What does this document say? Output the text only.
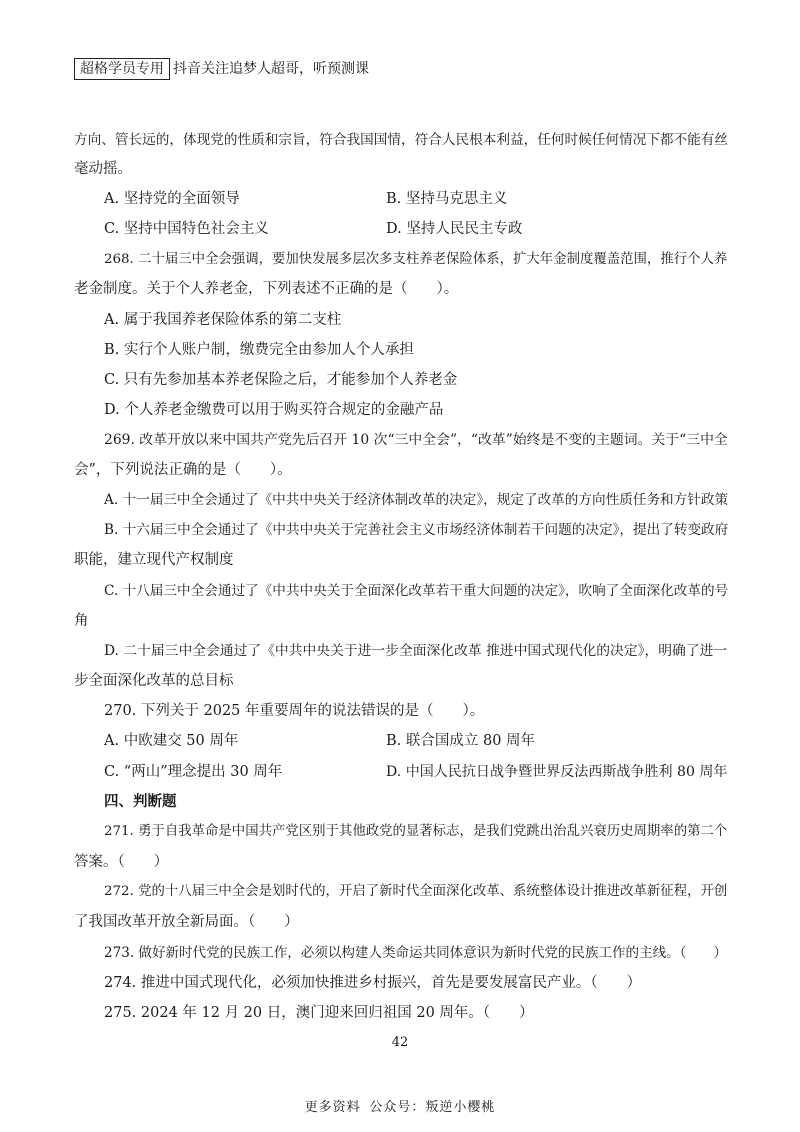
超格学员专用 抖音关注追梦人超哥，听预测课
方向、管长远的，体现党的性质和宗旨，符合我国国情，符合人民根本利益，任何时候任何情况下都不能有丝
毫动摇。
A. 坚持党的全面领导	B. 坚持马克思主义
C. 坚持中国特色社会主义	D. 坚持人民民主专政
268. 二十届三中全会强调，要加快发展多层次多支柱养老保险体系，扩大年金制度覆盖范围，推行个人养
老金制度。关于个人养老金，下列表述不正确的是（　　）。
A. 属于我国养老保险体系的第二支柱
B. 实行个人账户制，缴费完全由参加人个人承担
C. 只有先参加基本养老保险之后，才能参加个人养老金
D. 个人养老金缴费可以用于购买符合规定的金融产品
269. 改革开放以来中国共产党先后召开 10 次“三中全会”，“改革”始终是不变的主题词。关于“三中全
会”，下列说法正确的是（　　）。
A. 十一届三中全会通过了《中共中央关于经济体制改革的决定》，规定了改革的方向性质任务和方针政策
B. 十六届三中全会通过了《中共中央关于完善社会主义市场经济体制若干问题的决定》，提出了转变政府
职能，建立现代产权制度
C. 十八届三中全会通过了《中共中央关于全面深化改革若干重大问题的决定》，吹响了全面深化改革的号
角
D. 二十届三中全会通过了《中共中央关于进一步全面深化改革 推进中国式现代化的决定》，明确了进一
步全面深化改革的总目标
270. 下列关于 2025 年重要周年的说法错误的是（　　）。
A. 中欧建交 50 周年	B. 联合国成立 80 周年
C. “两山”理念提出 30 周年	D. 中国人民抗日战争暨世界反法西斯战争胜利 80 周年
四、判断题
271. 勇于自我革命是中国共产党区别于其他政党的显著标志，是我们党跳出治乱兴衰历史周期率的第二个
答案。（　　）
272. 党的十八届三中全会是划时代的，开启了新时代全面深化改革、系统整体设计推进改革新征程，开创
了我国改革开放全新局面。（　　）
273. 做好新时代党的民族工作，必须以构建人类命运共同体意识为新时代党的民族工作的主线。（　　）
274. 推进中国式现代化，必须加快推进乡村振兴，首先是要发展富民产业。（　　）
275. 2024 年 12 月 20 日，澳门迎来回归祖国 20 周年。（　　）
42
更多资料 公众号：叛逆小樱桃
